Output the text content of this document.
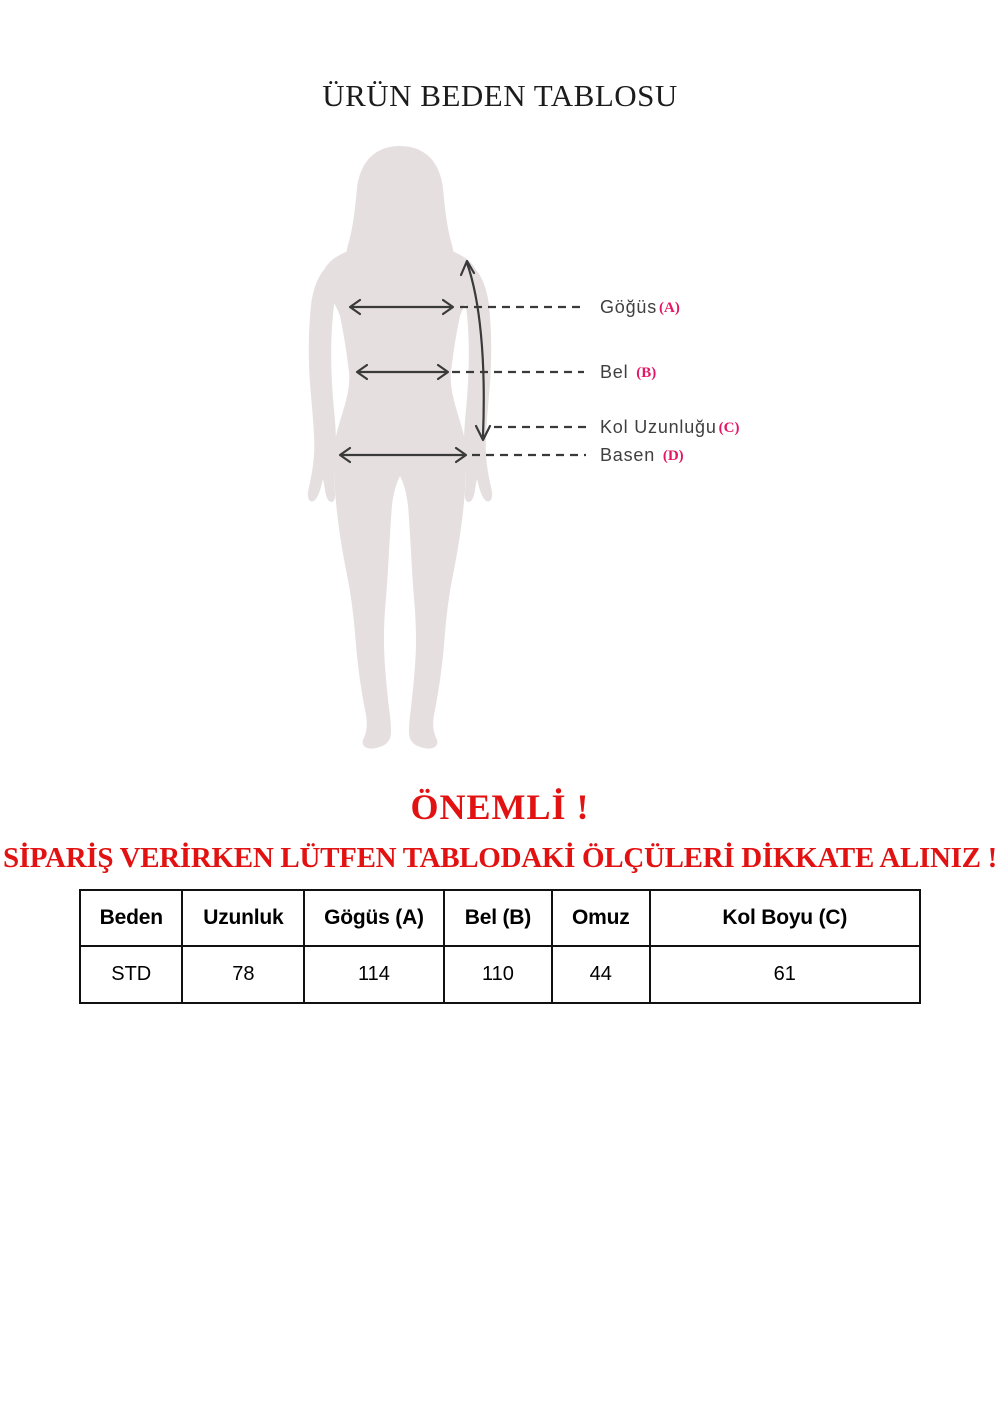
ÜRÜN BEDEN TABLOSU
Göğüs (A)
Bel (B)
Kol Uzunluğu (C)
Basen (D)
ÖNEMLİ !
SİPARİŞ VERİRKEN LÜTFEN TABLODAKİ ÖLÇÜLERİ DİKKATE ALINIZ !
Beden	Uzunluk	Gögüs (A)	Bel (B)	Omuz	Kol Boyu (C)
STD	78	114	110	44	61
